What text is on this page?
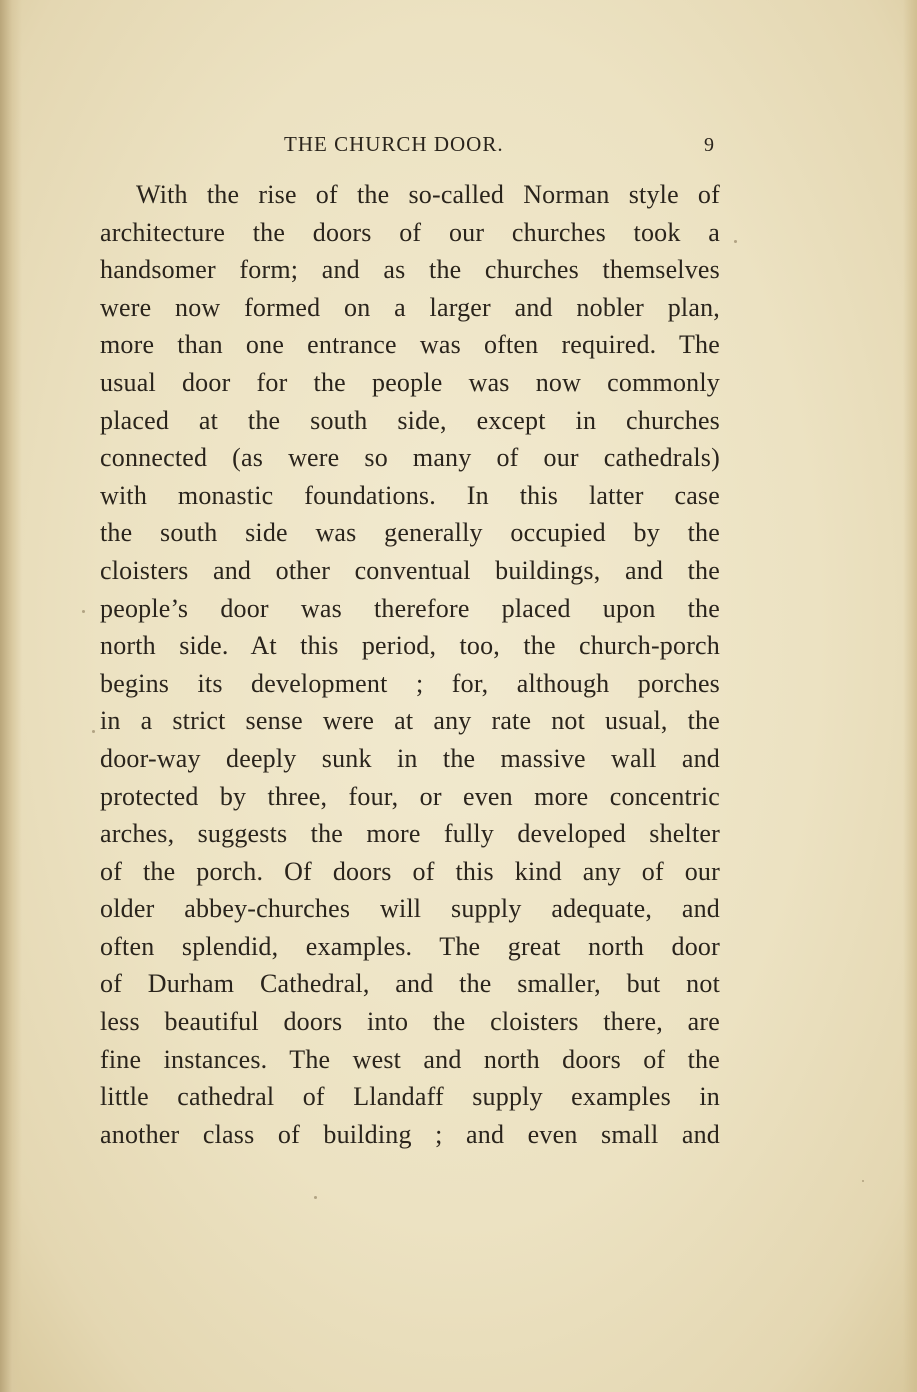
THE CHURCH DOOR.	9
With the rise of the so-called Norman style of
architecture the doors of our churches took a
handsomer form; and as the churches themselves
were now formed on a larger and nobler plan,
more than one entrance was often required. The
usual door for the people was now commonly
placed at the south side, except in churches
connected (as were so many of our cathedrals)
with monastic foundations. In this latter case
the south side was generally occupied by the
cloisters and other conventual buildings, and the
people’s door was therefore placed upon the
north side. At this period, too, the church-porch
begins its development ; for, although porches
in a strict sense were at any rate not usual, the
door-way deeply sunk in the massive wall and
protected by three, four, or even more concentric
arches, suggests the more fully developed shelter
of the porch. Of doors of this kind any of our
older abbey-churches will supply adequate, and
often splendid, examples. The great north door
of Durham Cathedral, and the smaller, but not
less beautiful doors into the cloisters there, are
fine instances. The west and north doors of the
little cathedral of Llandaff supply examples in
another class of building ; and even small and
